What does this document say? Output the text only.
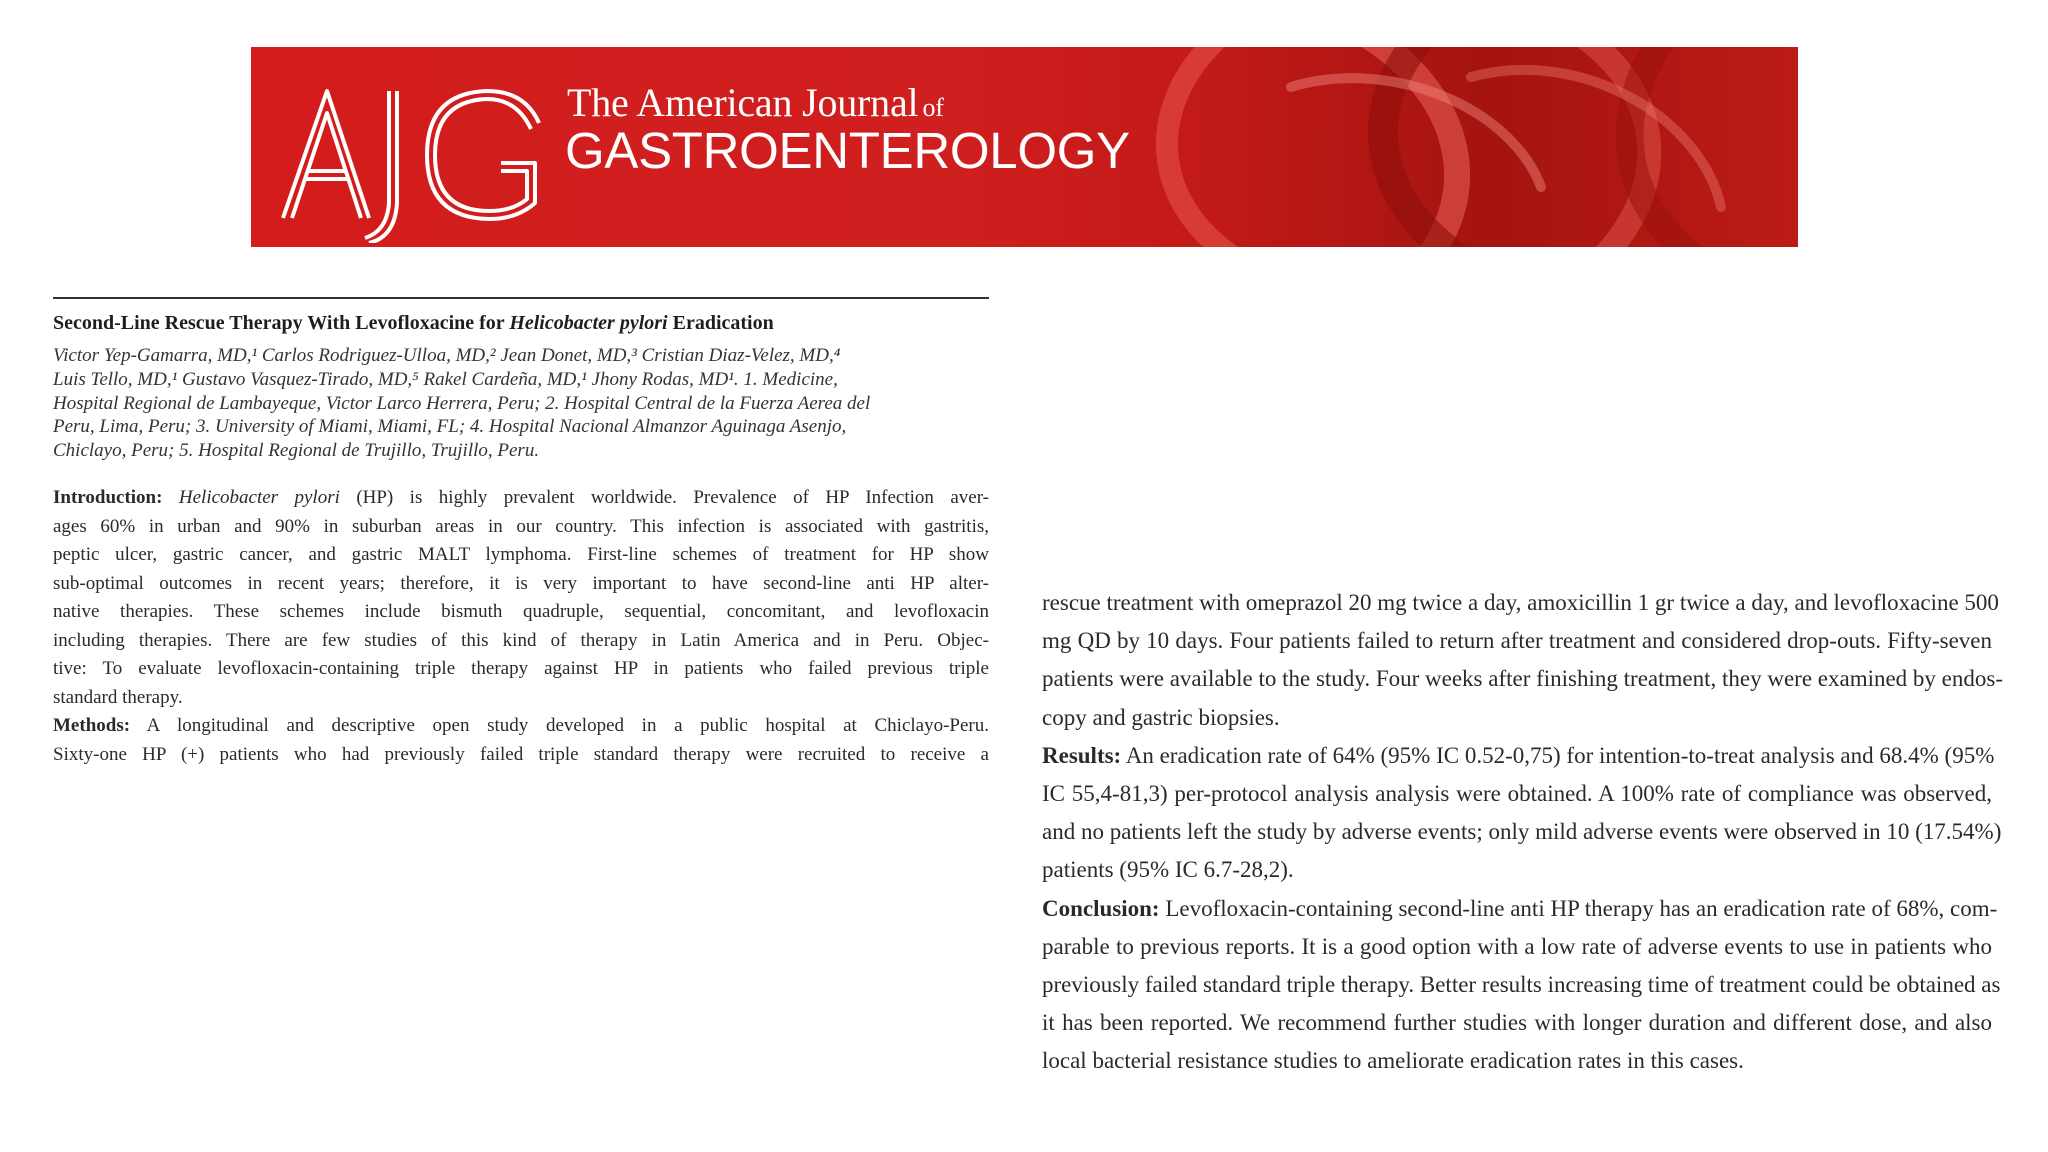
The American Journal of
GASTROENTEROLOGY
Second-Line Rescue Therapy With Levofloxacine for Helicobacter pylori Eradication
Victor Yep-Gamarra, MD,¹ Carlos Rodriguez-Ulloa, MD,² Jean Donet, MD,³ Cristian Diaz-Velez, MD,⁴
Luis Tello, MD,¹ Gustavo Vasquez-Tirado, MD,⁵ Rakel Cardeña, MD,¹ Jhony Rodas, MD¹. 1. Medicine,
Hospital Regional de Lambayeque, Victor Larco Herrera, Peru; 2. Hospital Central de la Fuerza Aerea del
Peru, Lima, Peru; 3. University of Miami, Miami, FL; 4. Hospital Nacional Almanzor Aguinaga Asenjo,
Chiclayo, Peru; 5. Hospital Regional de Trujillo, Trujillo, Peru.
Introduction: Helicobacter pylori (HP) is highly prevalent worldwide. Prevalence of HP Infection aver-
ages 60% in urban and 90% in suburban areas in our country. This infection is associated with gastritis,
peptic ulcer, gastric cancer, and gastric MALT lymphoma. First-line schemes of treatment for HP show
sub-optimal outcomes in recent years; therefore, it is very important to have second-line anti HP alter-
native therapies. These schemes include bismuth quadruple, sequential, concomitant, and levofloxacin
including therapies. There are few studies of this kind of therapy in Latin America and in Peru. Objec-
tive: To evaluate levofloxacin-containing triple therapy against HP in patients who failed previous triple
standard therapy.
Methods: A longitudinal and descriptive open study developed in a public hospital at Chiclayo-Peru.
Sixty-one HP (+) patients who had previously failed triple standard therapy were recruited to receive a
rescue treatment with omeprazol 20 mg twice a day, amoxicillin 1 gr twice a day, and levofloxacine 500
mg QD by 10 days. Four patients failed to return after treatment and considered drop-outs. Fifty-seven
patients were available to the study. Four weeks after finishing treatment, they were examined by endos-
copy and gastric biopsies.
Results: An eradication rate of 64% (95% IC 0.52-0,75) for intention-to-treat analysis and 68.4% (95%
IC 55,4-81,3) per-protocol analysis analysis were obtained. A 100% rate of compliance was observed,
and no patients left the study by adverse events; only mild adverse events were observed in 10 (17.54%)
patients (95% IC 6.7-28,2).
Conclusion: Levofloxacin-containing second-line anti HP therapy has an eradication rate of 68%, com-
parable to previous reports. It is a good option with a low rate of adverse events to use in patients who
previously failed standard triple therapy. Better results increasing time of treatment could be obtained as
it has been reported. We recommend further studies with longer duration and different dose, and also
local bacterial resistance studies to ameliorate eradication rates in this cases.
